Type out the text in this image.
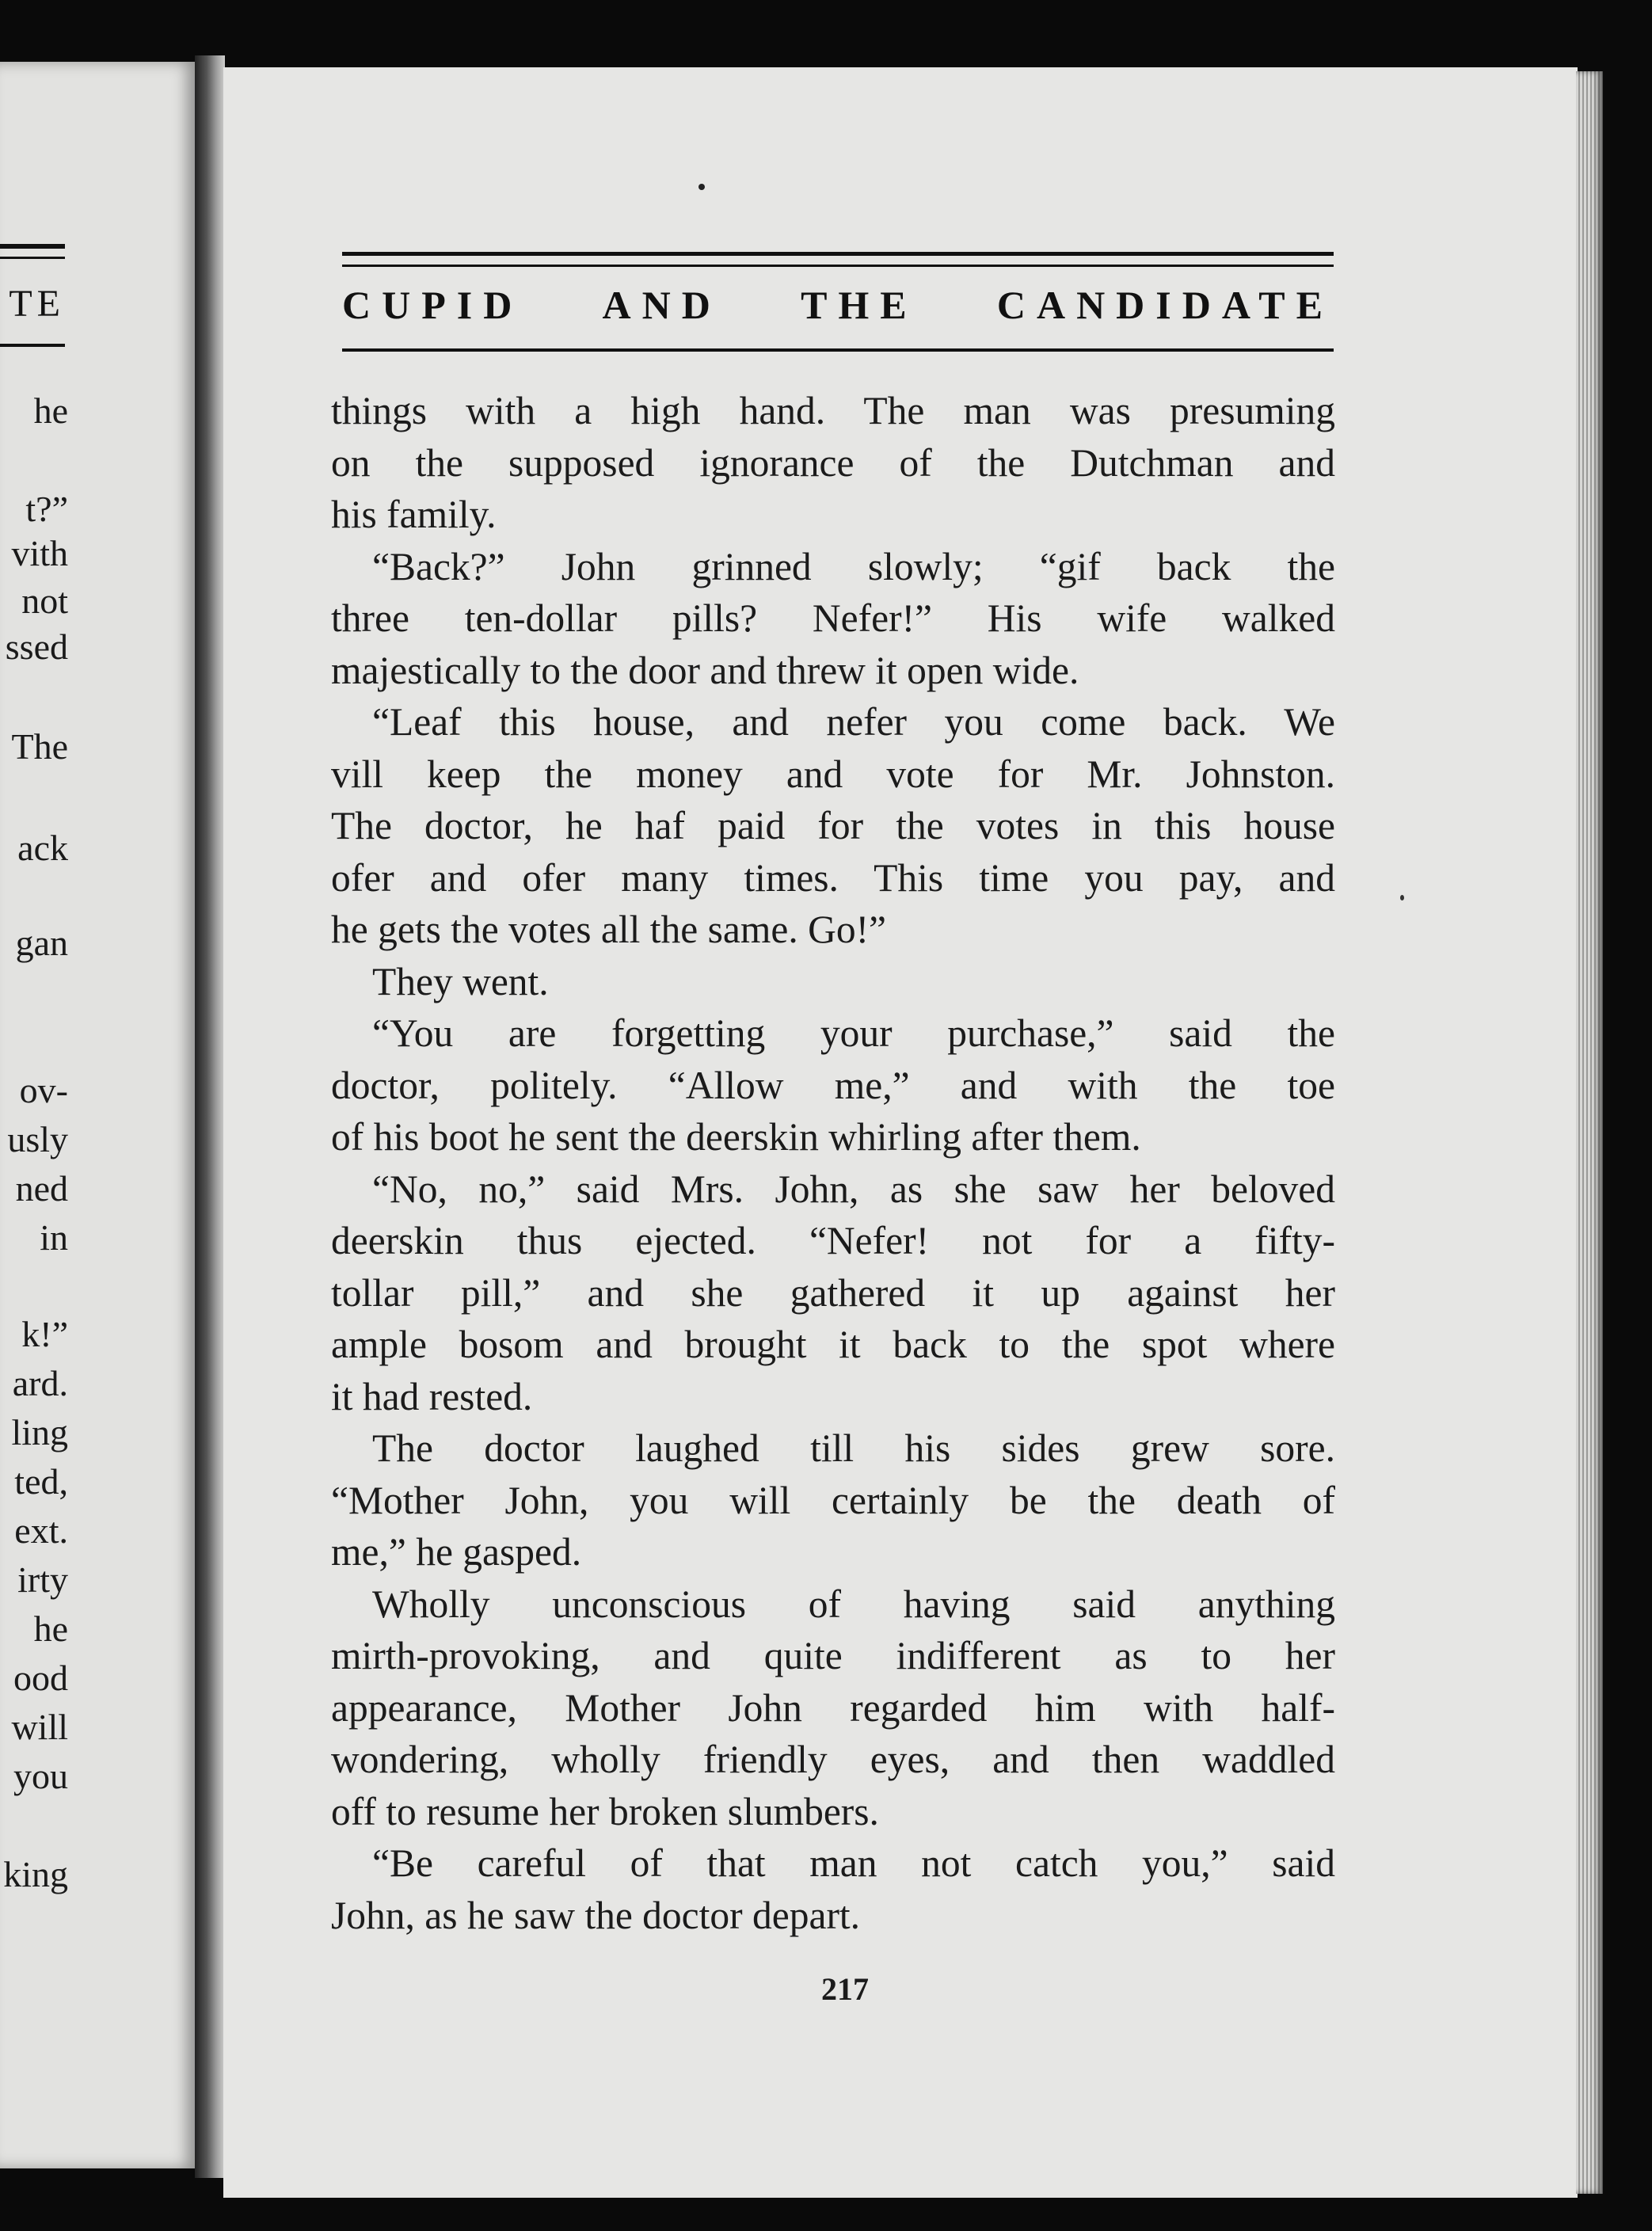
TE
he
t?”
vith
not
ssed
The
ack
gan
ov-
usly
ned
in
k!”
ard.
ling
ted,
ext.
irty
he
ood
will
you
king
CUPID AND THE CANDIDATE
things with a high hand. The man was presuming
on the supposed ignorance of the Dutchman and
his family.
“Back?” John grinned slowly; “gif back the
three ten-dollar pills? Nefer!” His wife walked
majestically to the door and threw it open wide.
“Leaf this house, and nefer you come back. We
vill keep the money and vote for Mr. Johnston.
The doctor, he haf paid for the votes in this house
ofer and ofer many times. This time you pay, and
he gets the votes all the same. Go!”
They went.
“You are forgetting your purchase,” said the
doctor, politely. “Allow me,” and with the toe
of his boot he sent the deerskin whirling after them.
“No, no,” said Mrs. John, as she saw her beloved
deerskin thus ejected. “Nefer! not for a fifty-
tollar pill,” and she gathered it up against her
ample bosom and brought it back to the spot where
it had rested.
The doctor laughed till his sides grew sore.
“Mother John, you will certainly be the death of
me,” he gasped.
Wholly unconscious of having said anything
mirth-provoking, and quite indifferent as to her
appearance, Mother John regarded him with half-
wondering, wholly friendly eyes, and then waddled
off to resume her broken slumbers.
“Be careful of that man not catch you,” said
John, as he saw the doctor depart.
217
